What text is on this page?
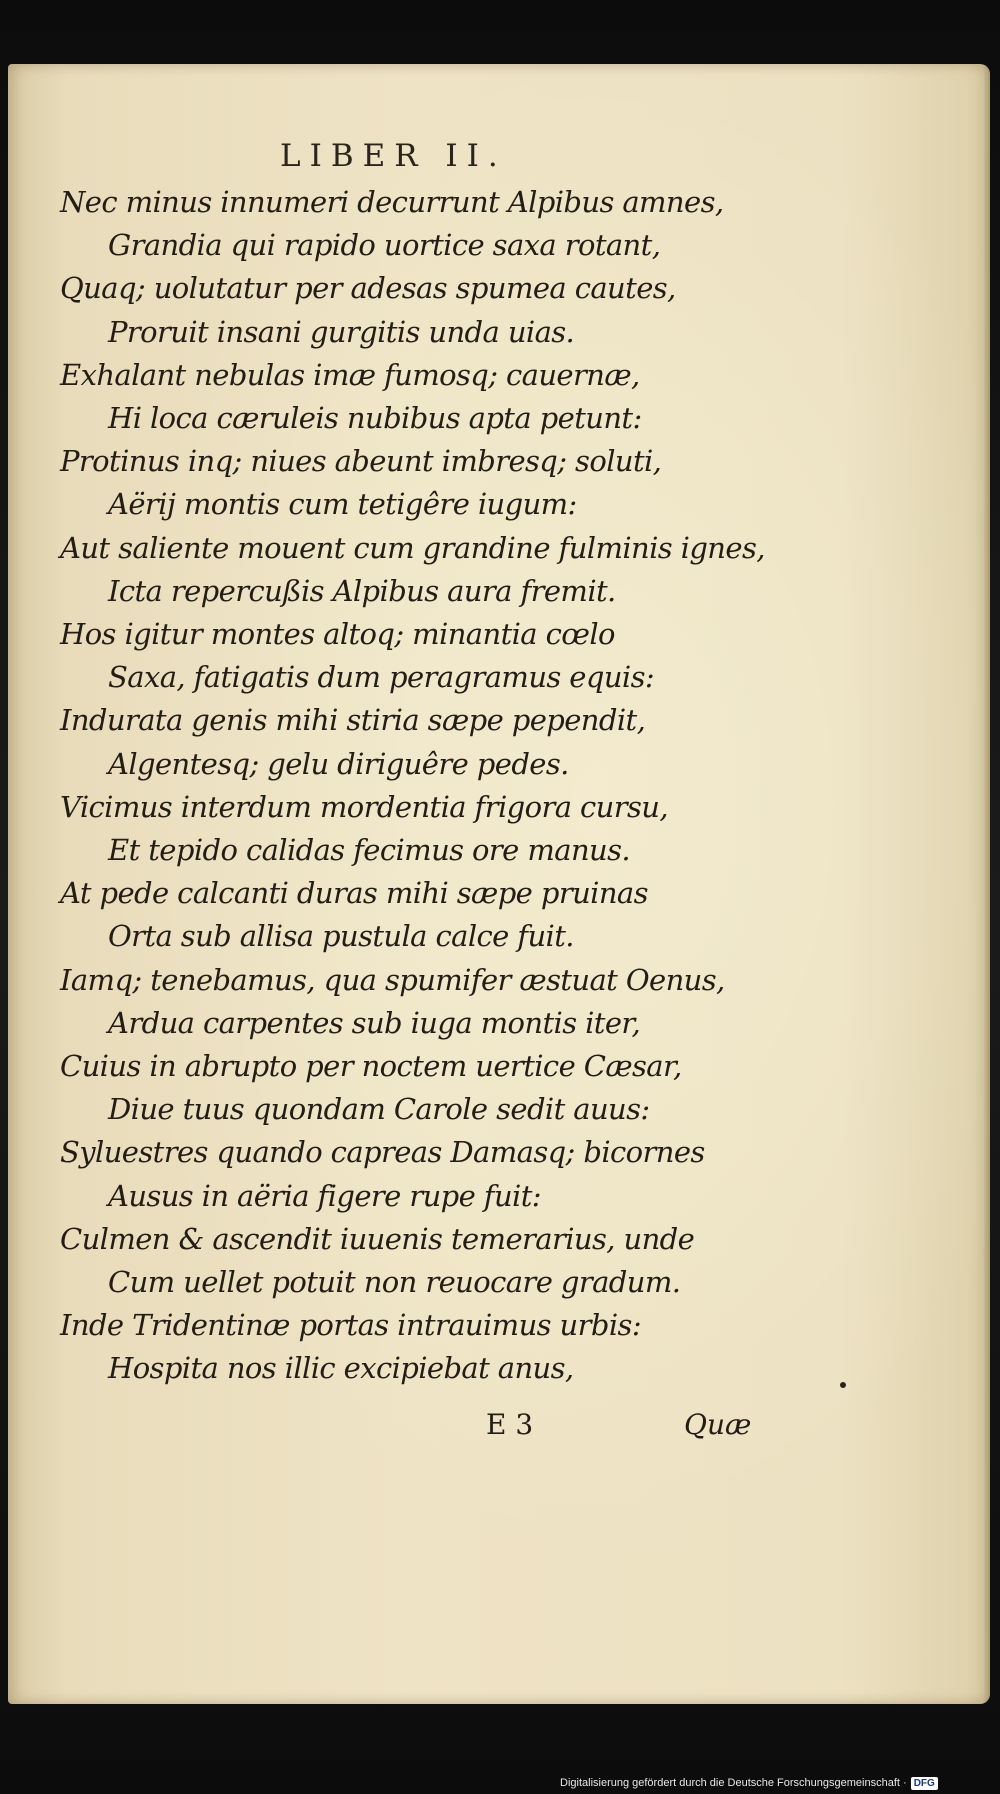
LIBER II.
Nec minus innumeri decurrunt Alpibus amnes,
Grandia qui rapido uortice saxa rotant,
Quaq; uolutatur per adesas spumea cautes,
Proruit insani gurgitis unda uias.
Exhalant nebulas imæ fumosq; cauernæ,
Hi loca cæruleis nubibus apta petunt:
Protinus inq; niues abeunt imbresq; soluti,
Aërij montis cum tetigêre iugum:
Aut saliente mouent cum grandine fulminis ignes,
Icta repercußis Alpibus aura fremit.
Hos igitur montes altoq; minantia cœlo
Saxa, fatigatis dum peragramus equis:
Indurata genis mihi stiria sæpe pependit,
Algentesq; gelu diriguêre pedes.
Vicimus interdum mordentia frigora cursu,
Et tepido calidas fecimus ore manus.
At pede calcanti duras mihi sæpe pruinas
Orta sub allisa pustula calce fuit.
Iamq; tenebamus, qua spumifer æstuat Oenus,
Ardua carpentes sub iuga montis iter,
Cuius in abrupto per noctem uertice Cæsar,
Diue tuus quondam Carole sedit auus:
Syluestres quando capreas Damasq; bicornes
Ausus in aëria figere rupe fuit:
Culmen & ascendit iuuenis temerarius, unde
Cum uellet potuit non reuocare gradum.
Inde Tridentinæ portas intrauimus urbis:
Hospita nos illic excipiebat anus,
E 3	Quæ
Digitalisierung gefördert durch die Deutsche Forschungsgemeinschaft · DFG
